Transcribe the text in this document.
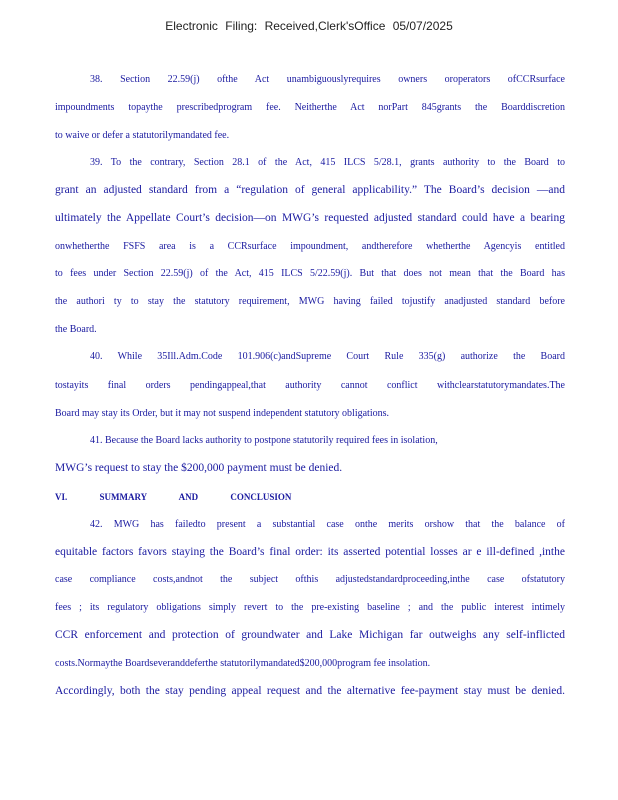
Electronic Filing: Received,Clerk'sOffice 05/07/2025
38. Section 22.59(j) ofthe Act unambiguouslyrequires owners oroperators ofCCRsurface
impoundments topaythe prescribedprogram fee. Neitherthe Act norPart 845grants the Boarddiscretion
to waive or defer a statutorilymandated fee.
39. To the contrary, Section 28.1 of the Act, 415 ILCS 5/28.1, grants authority to the Board to
grant an adjusted standard from a “regulation of general applicability.” The Board’s decision —and
ultimately the Appellate Court’s decision—on MWG’s requested adjusted standard could have a bearing
onwhetherthe FSFS area is a CCRsurface impoundment, andtherefore whetherthe Agencyis entitled
to fees under Section 22.59(j) of the Act, 415 ILCS 5/22.59(j). But that does not mean that the Board has
the authori ty to stay the statutory requirement, MWG having failed tojustify anadjusted standard before
the Board.
40. While 35Ill.Adm.Code 101.906(c)andSupreme Court Rule 335(g) authorize the Board
tostayits final orders pendingappeal,that authority cannot conflict withclearstatutorymandates.The
Board may stay its Order, but it may not suspend independent statutory obligations.
41. Because the Board lacks authority to postpone statutorily required fees in isolation,
MWG’s request to stay the $200,000 payment must be denied.
VI. SUMMARY AND CONCLUSION
42. MWG has failedto present a substantial case onthe merits orshow that the balance of
equitable factors favors staying the Board’s final order: its asserted potential losses ar e ill-defined ,inthe
case compliance costs,andnot the subject ofthis adjustedstandardproceeding,inthe case ofstatutory
fees ; its regulatory obligations simply revert to the pre-existing baseline ; and the public interest intimely
CCR enforcement and protection of groundwater and Lake Michigan far outweighs any self-inflicted
costs.Normaythe Boardseveranddeferthe statutorilymandated$200,000program fee insolation.
Accordingly, both the stay pending appeal request and the alternative fee-payment stay must be denied.
